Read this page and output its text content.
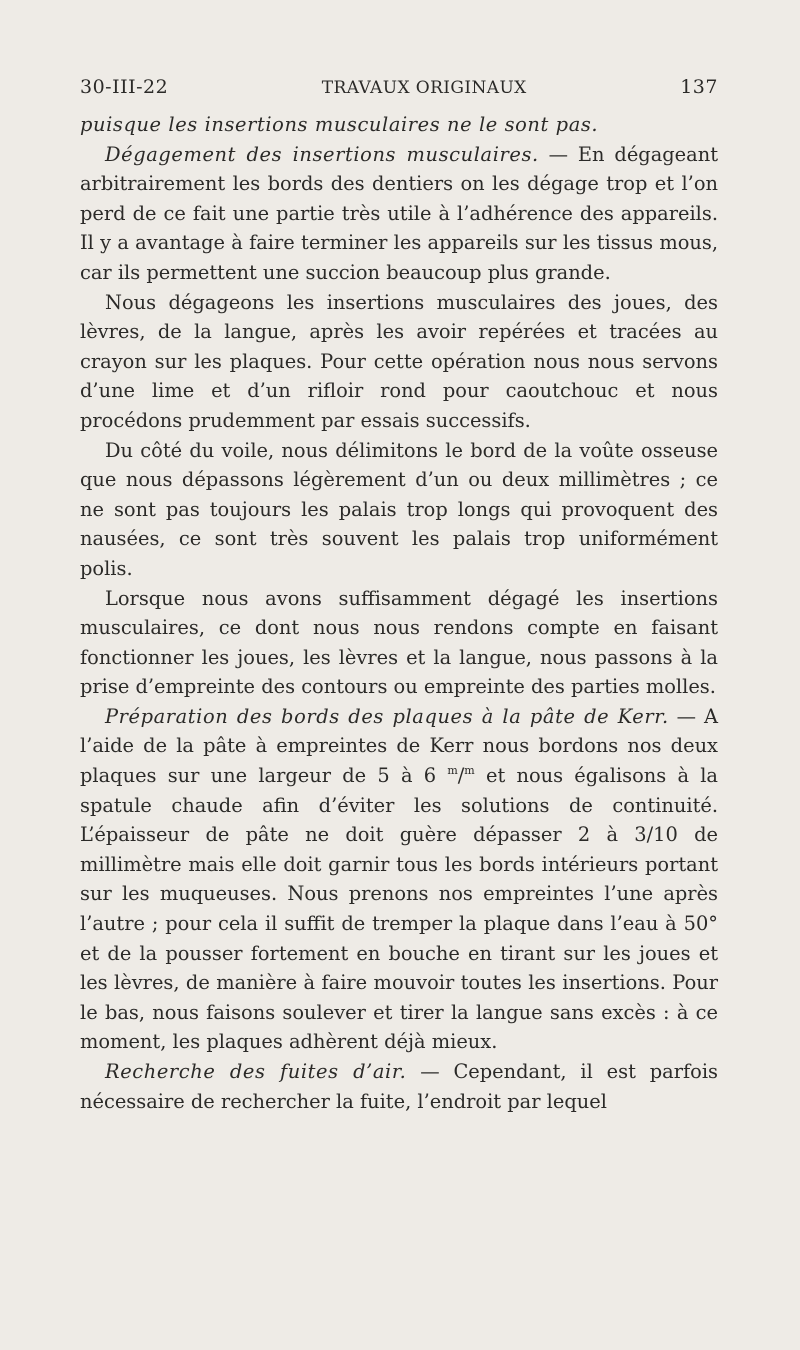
30-III-22	TRAVAUX ORIGINAUX	137

puisque les insertions musculaires ne le sont pas.

Dégagement des insertions musculaires. — En dégageant arbitrairement les bords des dentiers on les dégage trop et l’on perd de ce fait une partie très utile à l’adhérence des appareils. Il y a avantage à faire terminer les appareils sur les tissus mous, car ils permettent une succion beaucoup plus grande.

Nous dégageons les insertions musculaires des joues, des lèvres, de la langue, après les avoir repérées et tracées au crayon sur les plaques. Pour cette opération nous nous servons d’une lime et d’un rifloir rond pour caoutchouc et nous procédons prudemment par essais successifs.

Du côté du voile, nous délimitons le bord de la voûte osseuse que nous dépassons légèrement d’un ou deux millimètres ; ce ne sont pas toujours les palais trop longs qui provoquent des nausées, ce sont très souvent les palais trop uniformément polis.

Lorsque nous avons suffisamment dégagé les insertions musculaires, ce dont nous nous rendons compte en faisant fonctionner les joues, les lèvres et la langue, nous passons à la prise d’empreinte des contours ou empreinte des parties molles.

Préparation des bords des plaques à la pâte de Kerr. — A l’aide de la pâte à empreintes de Kerr nous bordons nos deux plaques sur une largeur de 5 à 6 $^m$/$^m$ et nous égalisons à la spatule chaude afin d’éviter les solutions de continuité. L’épaisseur de pâte ne doit guère dépasser 2 à 3/10 de millimètre mais elle doit garnir tous les bords intérieurs portant sur les muqueuses. Nous prenons nos empreintes l’une après l’autre ; pour cela il suffit de tremper la plaque dans l’eau à 50° et de la pousser fortement en bouche en tirant sur les joues et les lèvres, de manière à faire mouvoir toutes les insertions. Pour le bas, nous faisons soulever et tirer la langue sans excès : à ce moment, les plaques adhèrent déjà mieux.

Recherche des fuites d’air. — Cependant, il est parfois nécessaire de rechercher la fuite, l’endroit par lequel
